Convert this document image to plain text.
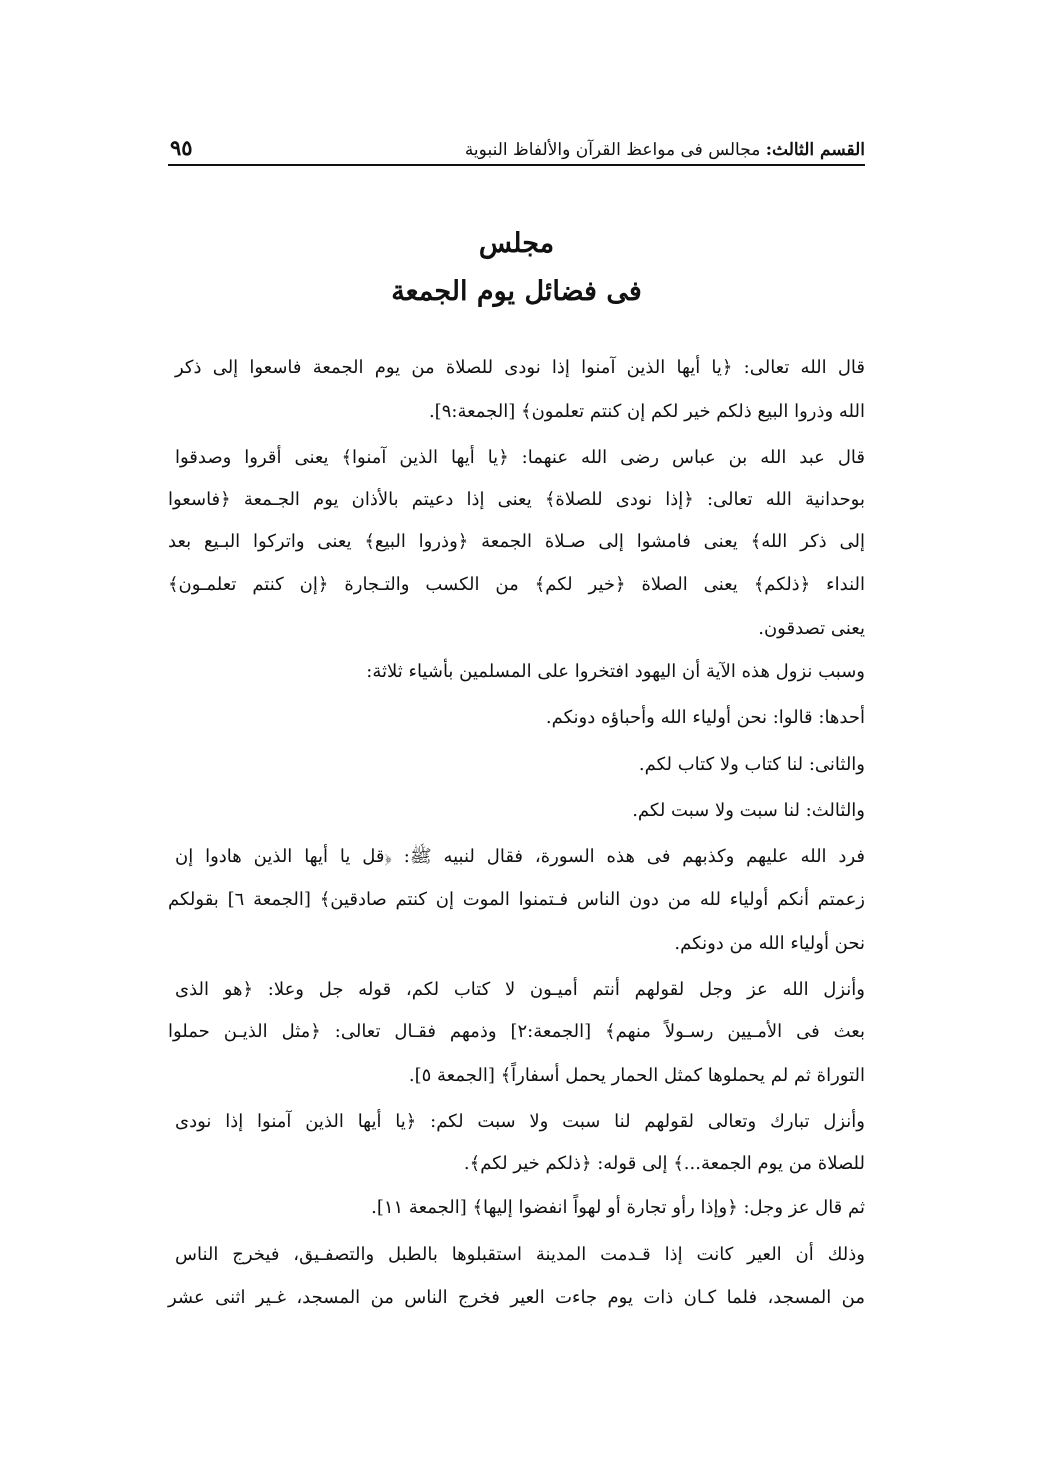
٩٥	القسم الثالث: مجالس فى مواعظ القرآن والألفاظ النبوية
مجلس
فى فضائل يوم الجمعة
قال الله تعالى: ﴿يا أيها الذين آمنوا إذا نودى للصلاة من يوم الجمعة فاسعوا إلى ذكر
الله وذروا البيع ذلكم خير لكم إن كنتم تعلمون﴾ [الجمعة:٩].
قال عبد الله بن عباس رضى الله عنهما: ﴿يا أيها الذين آمنوا﴾ يعنى أقروا وصدقوا
بوحدانية الله تعالى: ﴿إذا نودى للصلاة﴾ يعنى إذا دعيتم بالأذان يوم الجـمعة ﴿فاسعوا
إلى ذكر الله﴾ يعنى فامشوا إلى صـلاة الجمعة ﴿وذروا البيع﴾ يعنى واتركوا البـيع بعد
النداء ﴿ذلكم﴾ يعنى الصلاة ﴿خير لكم﴾ من الكسب والتـجارة ﴿إن كنتم تعلمـون﴾
يعنى تصدقون.
وسبب نزول هذه الآية أن اليهود افتخروا على المسلمين بأشياء ثلاثة:
أحدها: قالوا: نحن أولياء الله وأحباؤه دونكم.
والثانى: لنا كتاب ولا كتاب لكم.
والثالث: لنا سبت ولا سبت لكم.
فرد الله عليهم وكذبهم فى هذه السورة، فقال لنبيه ﷺ: ﴿قل يا أيها الذين هادوا إن
زعمتم أنكم أولياء لله من دون الناس فـتمنوا الموت إن كنتم صادقين﴾ [الجمعة ٦] بقولكم
نحن أولياء الله من دونكم.
وأنزل الله عز وجل لقولهم أنتم أميـون لا كتاب لكم، قوله جل وعلا: ﴿هو الذى
بعث فى الأمـيين رسـولاً منهم﴾ [الجمعة:٢] وذمهم فقـال تعالى: ﴿مثل الذيـن حملوا
التوراة ثم لم يحملوها كمثل الحمار يحمل أسفاراً﴾ [الجمعة ٥].
وأنزل تبارك وتعالى لقولهم لنا سبت ولا سبت لكم: ﴿يا أيها الذين آمنوا إذا نودى
للصلاة من يوم الجمعة...﴾ إلى قوله: ﴿ذلكم خير لكم﴾.
ثم قال عز وجل: ﴿وإذا رأو تجارة أو لهواً انفضوا إليها﴾ [الجمعة ١١].
وذلك أن العير كانت إذا قـدمت المدينة استقبلوها بالطبل والتصفـيق، فيخرج الناس
من المسجد، فلما كـان ذات يوم جاءت العير فخرج الناس من المسجد، غـير اثنى عشر
